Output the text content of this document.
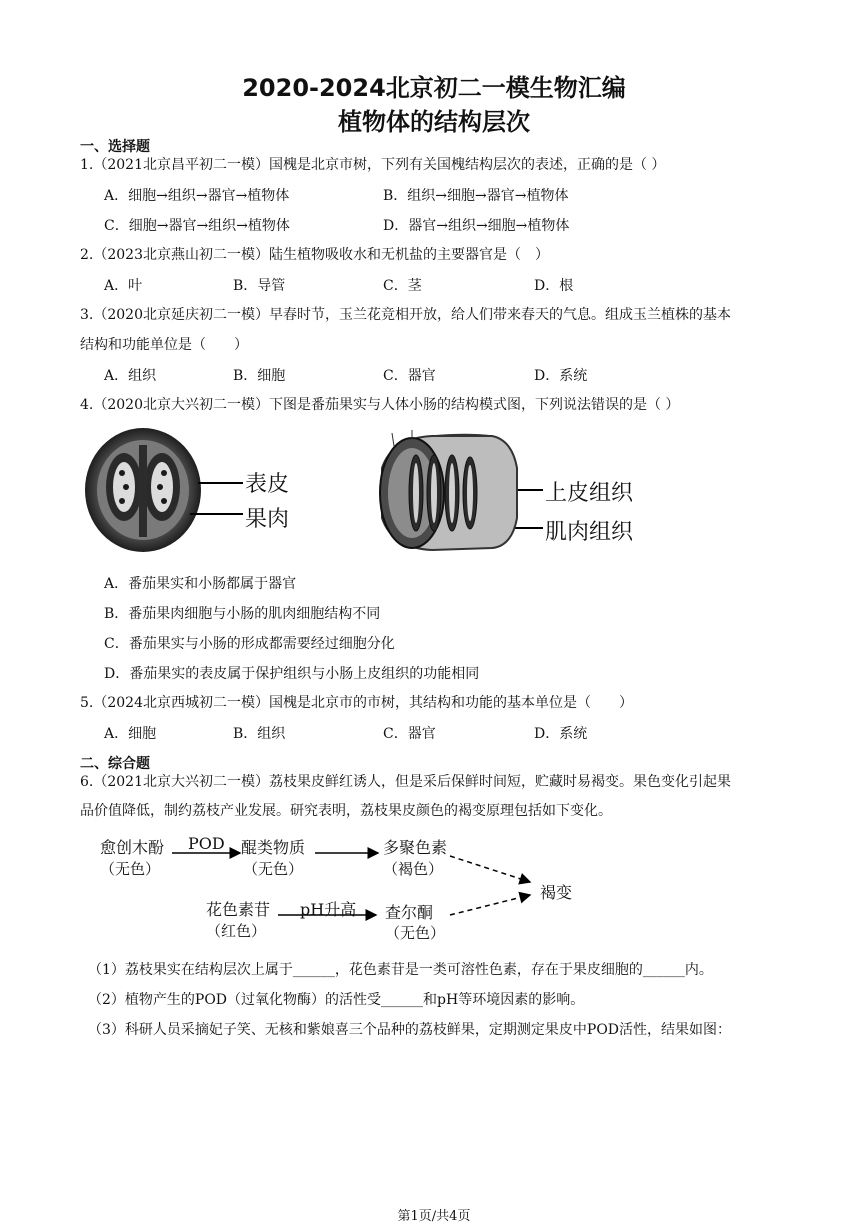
2020-2024北京初二一模生物汇编
植物体的结构层次
一、选择题
1.（2021北京昌平初二一模）国槐是北京市树，下列有关国槐结构层次的表述，正确的是（ ）
A．细胞→组织→器官→植物体	B．组织→细胞→器官→植物体
C．细胞→器官→组织→植物体	D．器官→组织→细胞→植物体
2.（2023北京燕山初二一模）陆生植物吸收水和无机盐的主要器官是（　）
A．叶	B．导管	C．茎	D．根
3.（2020北京延庆初二一模）早春时节，玉兰花竞相开放，给人们带来春天的气息。组成玉兰植株的基本
结构和功能单位是（　　）
A．组织	B．细胞	C．器官	D．系统
4.（2020北京大兴初二一模）下图是番茄果实与人体小肠的结构模式图，下列说法错误的是（ ）
表皮
果肉
上皮组织
肌肉组织
A．番茄果实和小肠都属于器官
B．番茄果肉细胞与小肠的肌肉细胞结构不同
C．番茄果实与小肠的形成都需要经过细胞分化
D．番茄果实的表皮属于保护组织与小肠上皮组织的功能相同
5.（2024北京西城初二一模）国槐是北京市的市树，其结构和功能的基本单位是（　　）
A．细胞	B．组织	C．器官	D．系统
二、综合题
6.（2021北京大兴初二一模）荔枝果皮鲜红诱人，但是采后保鲜时间短，贮藏时易褐变。果色变化引起果
品价值降低，制约荔枝产业发展。研究表明，荔枝果皮颜色的褐变原理包括如下变化。
愈创木酚
（无色）
POD 醌类物质
（无色）
多聚色素
（褐色）
花色素苷
（红色）
pH升高 查尔酮
（无色）
褐变
（1）荔枝果实在结构层次上属于______，花色素苷是一类可溶性色素，存在于果皮细胞的______内。
（2）植物产生的POD（过氧化物酶）的活性受______和pH等环境因素的影响。
（3）科研人员采摘妃子笑、无核和紫娘喜三个品种的荔枝鲜果，定期测定果皮中POD活性，结果如图：
第1页/共4页
